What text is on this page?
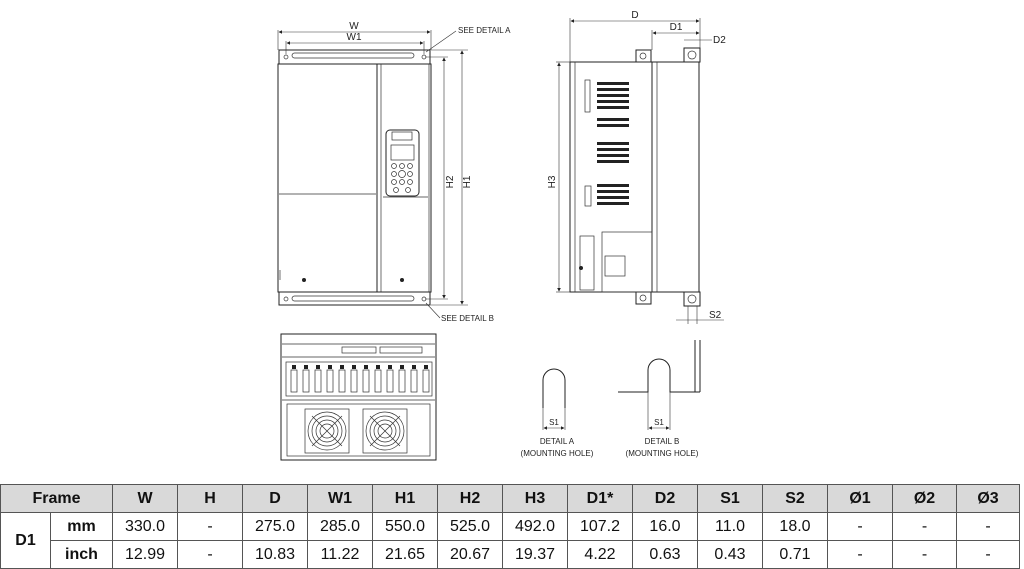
W
W1
SEE DETAIL A
H1
H2
SEE DETAIL B
D
D1
D2
H3
S2
S1
DETAIL A
(MOUNTING HOLE)
S1
DETAIL B
(MOUNTING HOLE)
Frame		W	H	D	W1	H1	H2	H3	D1*	D2	S1	S2	Ø1	Ø2	Ø3
D1	mm	330.0	-	275.0	285.0	550.0	525.0	492.0	107.2	16.0	11.0	18.0	-	-	-
	inch	12.99	-	10.83	11.22	21.65	20.67	19.37	4.22	0.63	0.43	0.71	-	-	-
